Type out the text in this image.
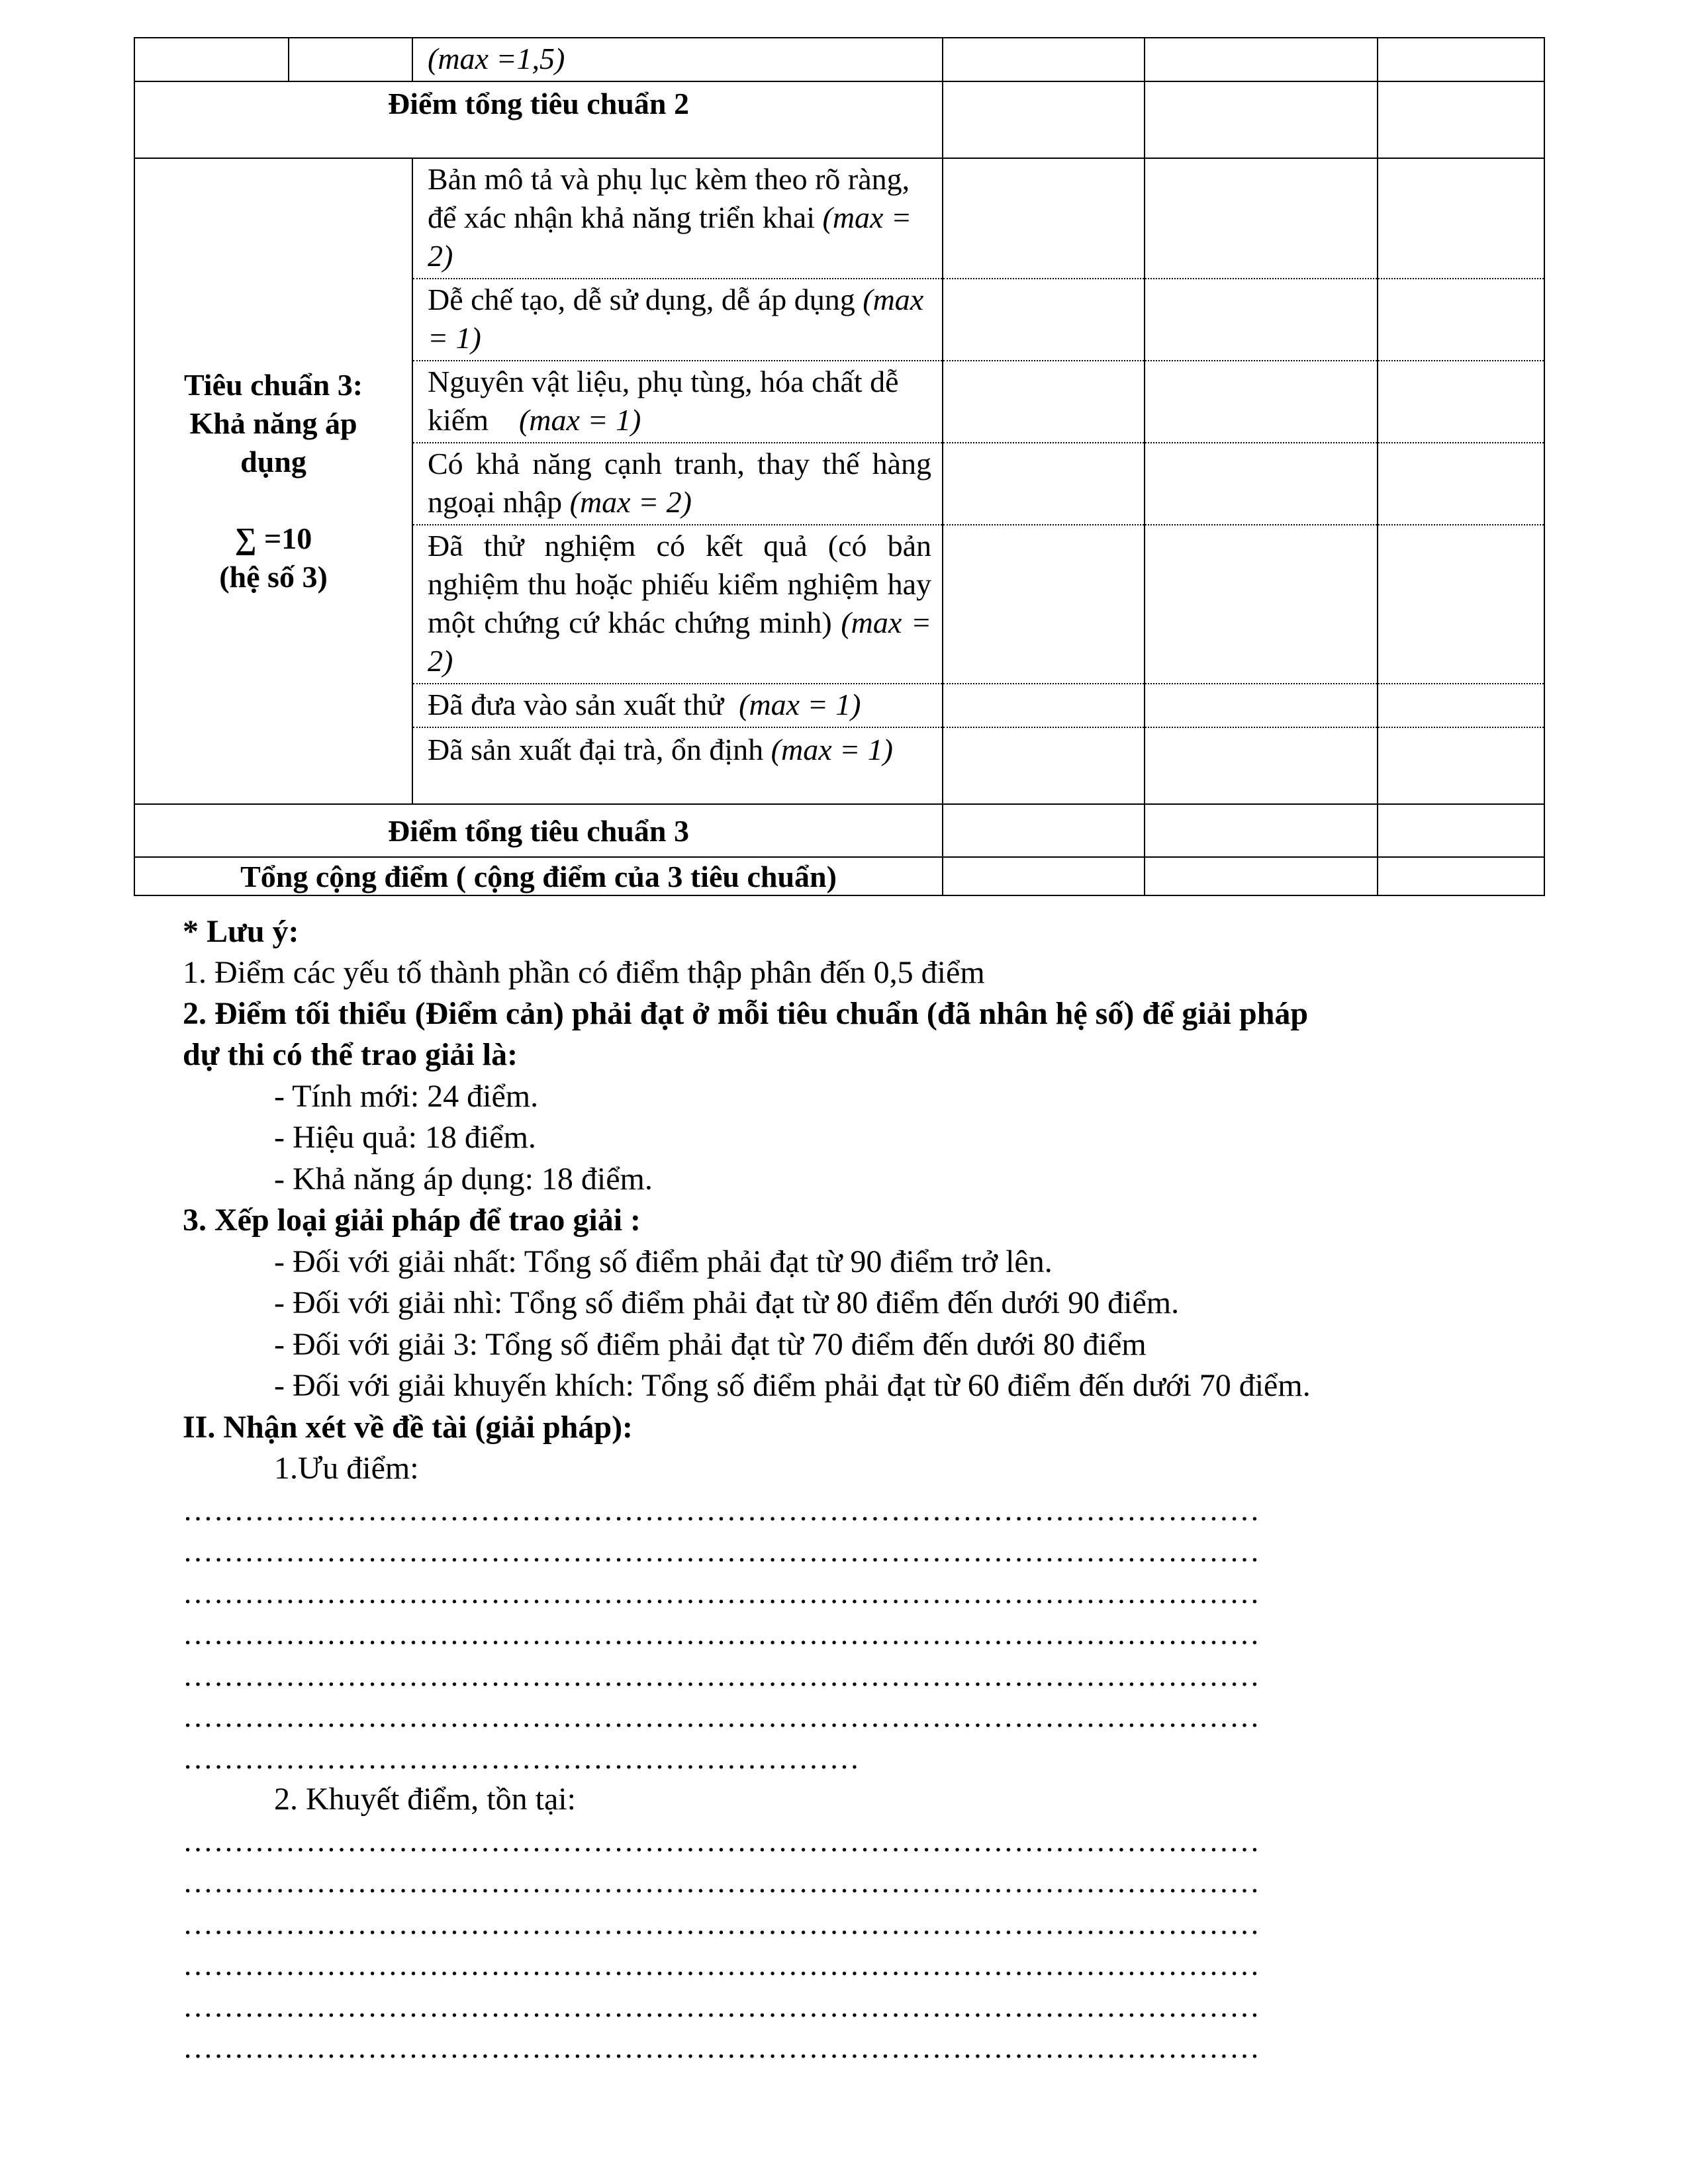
		(max =1,5)			
Điểm tổng tiêu chuẩn 2					

Tiêu chuẩn 3:
Khả năng áp
dụng
∑ =10
(hệ số 3)		Bản mô tả và phụ lục kèm theo rõ ràng, để xác nhận khả năng triển khai (max = 2)			
		Dễ chế tạo, dễ sử dụng, dễ áp dụng (max = 1)			
		Nguyên vật liệu, phụ tùng, hóa chất dễ kiếm    (max = 1)			
		Có khả năng cạnh tranh, thay thế hàng ngoại nhập (max = 2)			
		Đã thử nghiệm có kết quả (có bản nghiệm thu hoặc phiếu kiểm nghiệm hay một chứng cứ khác chứng minh) (max = 2)			
		Đã đưa vào sản xuất thử  (max = 1)			
		Đã sản xuất đại trà, ổn định (max = 1)			
Điểm tổng tiêu chuẩn 3					
Tổng cộng điểm ( cộng điểm của 3 tiêu chuẩn)					
* Lưu ý:
1. Điểm các yếu tố thành phần có điểm thập phân đến 0,5 điểm
2. Điểm tối thiểu (Điểm cản) phải đạt ở mỗi tiêu chuẩn (đã nhân hệ số) để giải pháp
dự thi có thể trao giải là:
- Tính mới: 24 điểm.
- Hiệu quả: 18 điểm.
- Khả năng áp dụng: 18 điểm.
3. Xếp loại giải pháp để trao giải :
- Đối với giải nhất: Tổng số điểm phải đạt từ 90 điểm trở lên.
- Đối với giải nhì: Tổng số điểm phải đạt từ 80 điểm đến dưới 90 điểm.
- Đối với giải 3: Tổng số điểm phải đạt từ 70 điểm đến dưới 80 điểm
- Đối với giải khuyến khích: Tổng số điểm phải đạt từ 60 điểm đến dưới 70 điểm.
II. Nhận xét về đề tài (giải pháp):
1.Ưu điểm:
……………………………………………………………………………………………
……………………………………………………………………………………………
……………………………………………………………………………………………
……………………………………………………………………………………………
……………………………………………………………………………………………
……………………………………………………………………………………………
…………………………………………………………
2. Khuyết điểm, tồn tại:
……………………………………………………………………………………………
……………………………………………………………………………………………
……………………………………………………………………………………………
……………………………………………………………………………………………
……………………………………………………………………………………………
……………………………………………………………………………………………
